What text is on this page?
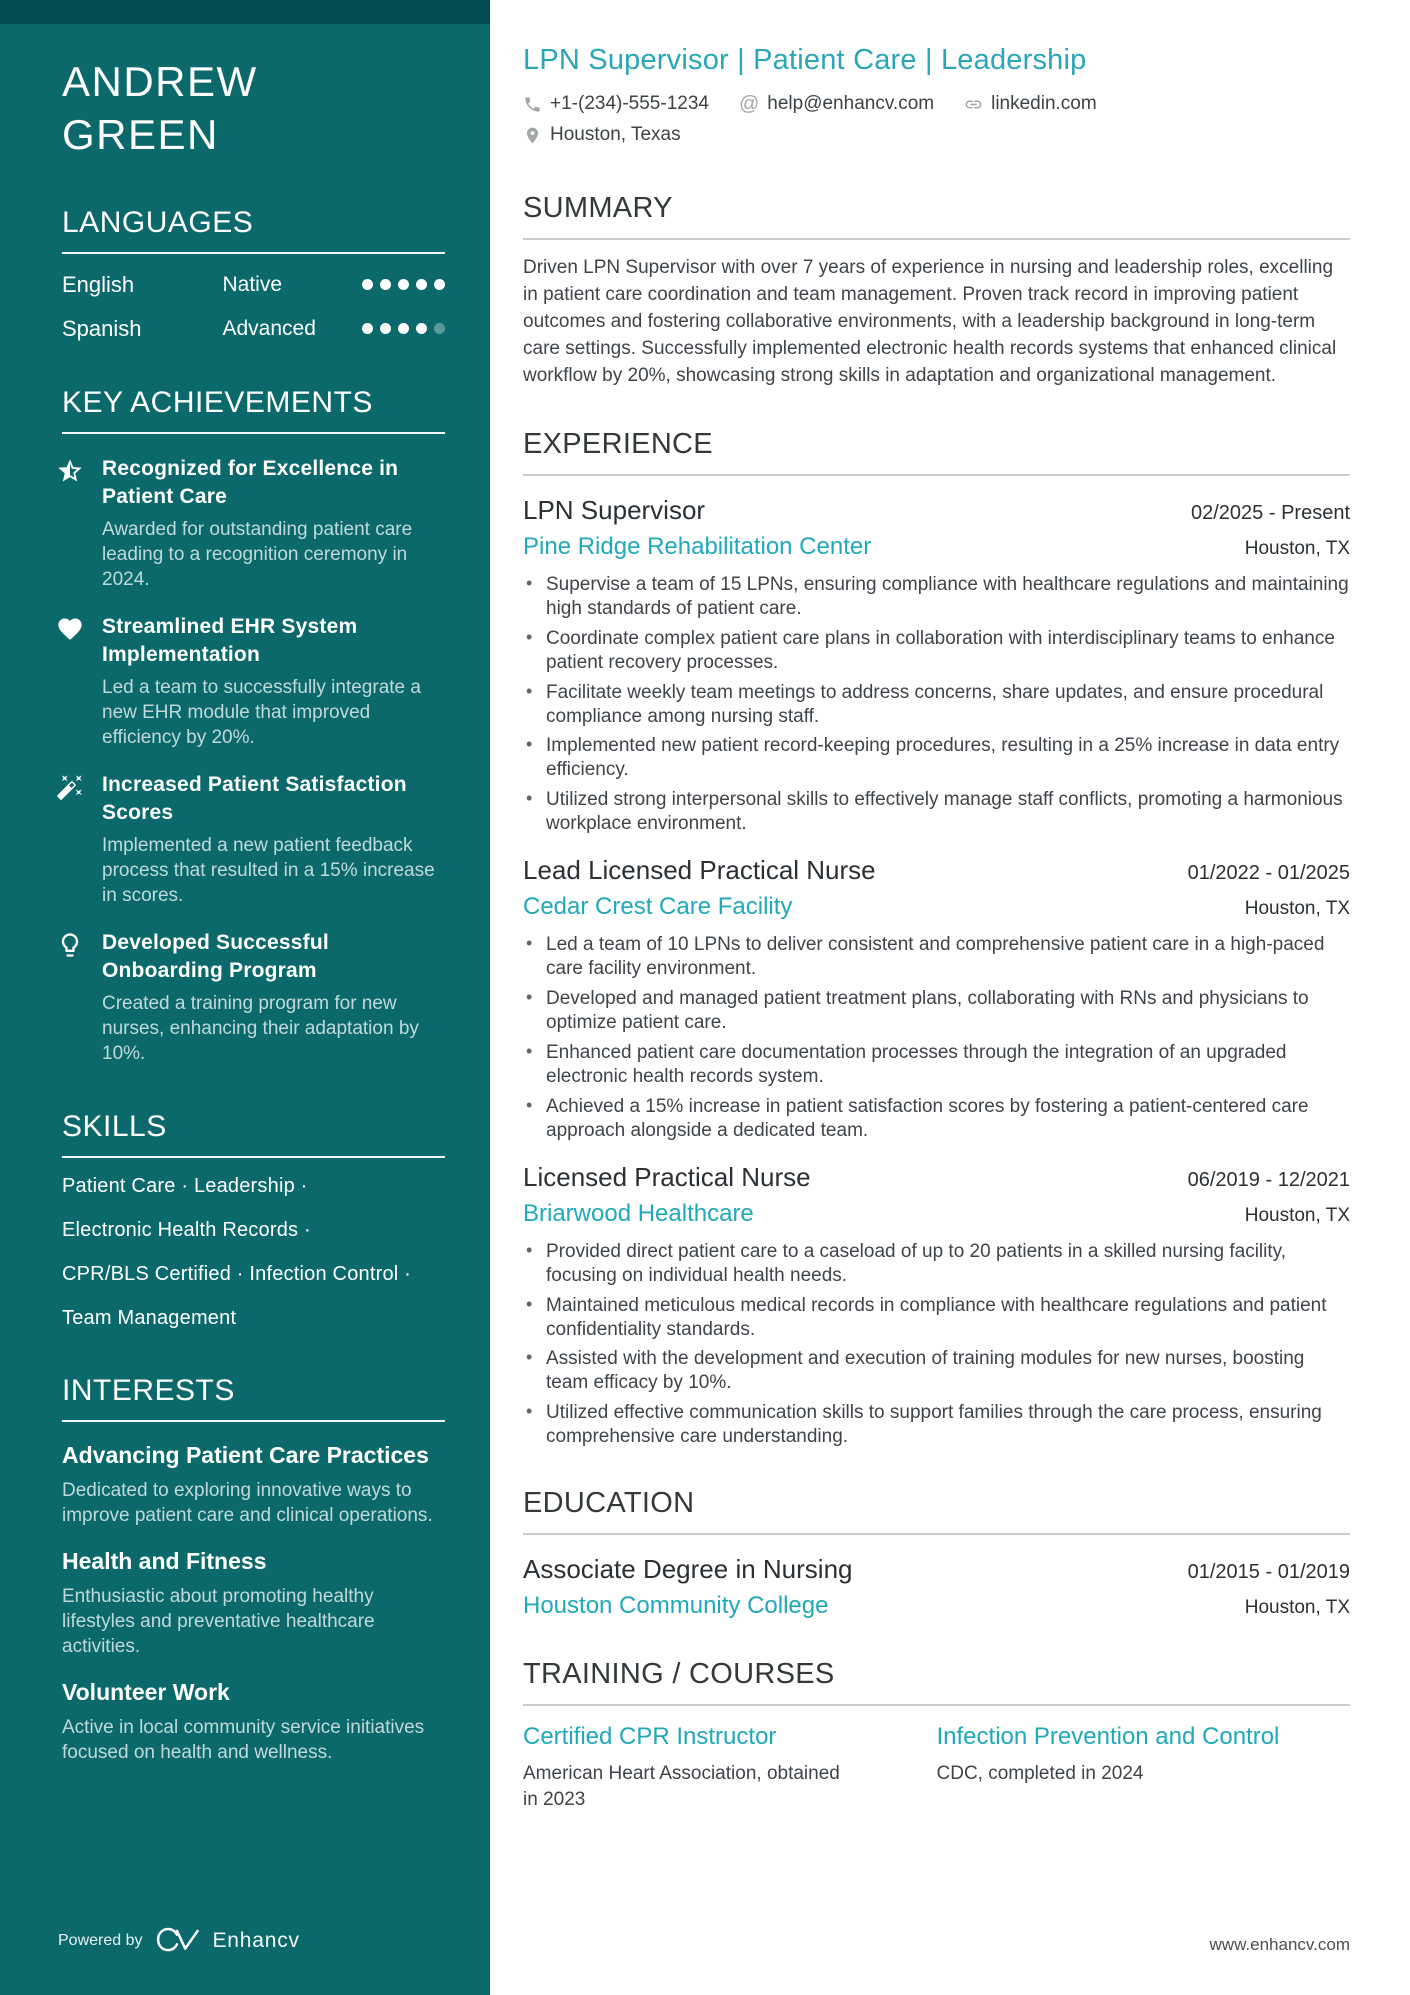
ANDREW GREEN
LANGUAGES
English	Native
Spanish	Advanced
KEY ACHIEVEMENTS
Recognized for Excellence in Patient Care

Awarded for outstanding patient care leading to a recognition ceremony in 2024.

Streamlined EHR System Implementation

Led a team to successfully integrate a new EHR module that improved efficiency by 20%.

Increased Patient Satisfaction Scores

Implemented a new patient feedback process that resulted in a 15% increase in scores.

Developed Successful Onboarding Program

Created a training program for new nurses, enhancing their adaptation by 10%.

SKILLS
Patient Care · Leadership ·
Electronic Health Records ·
CPR/BLS Certified · Infection Control ·
Team Management
INTERESTS
Advancing Patient Care Practices

Dedicated to exploring innovative ways to improve patient care and clinical operations.

Health and Fitness

Enthusiastic about promoting healthy lifestyles and preventative healthcare activities.

Volunteer Work

Active in local community service initiatives focused on health and wellness.

Powered by	Enhancv
LPN Supervisor | Patient Care | Leadership
+1-(234)-555-1234 @ help@enhancv.com	linkedin.com
Houston, Texas
SUMMARY

Driven LPN Supervisor with over 7 years of experience in nursing and leadership roles, excelling in patient care coordination and team management. Proven track record in improving patient outcomes and fostering collaborative environments, with a leadership background in long-term care settings. Successfully implemented electronic health records systems that enhanced clinical workflow by 20%, showcasing strong skills in adaptation and organizational management.

EXPERIENCE
LPN Supervisor	02/2025 - Present
Pine Ridge Rehabilitation Center	Houston, TX
• Supervise a team of 15 LPNs, ensuring compliance with healthcare regulations and maintaining high standards of patient care.
• Coordinate complex patient care plans in collaboration with interdisciplinary teams to enhance patient recovery processes.
• Facilitate weekly team meetings to address concerns, share updates, and ensure procedural compliance among nursing staff.
• Implemented new patient record-keeping procedures, resulting in a 25% increase in data entry efficiency.
• Utilized strong interpersonal skills to effectively manage staff conflicts, promoting a harmonious workplace environment.
Lead Licensed Practical Nurse	01/2022 - 01/2025
Cedar Crest Care Facility	Houston, TX
• Led a team of 10 LPNs to deliver consistent and comprehensive patient care in a high-paced care facility environment.
• Developed and managed patient treatment plans, collaborating with RNs and physicians to optimize patient care.
• Enhanced patient care documentation processes through the integration of an upgraded electronic health records system.
• Achieved a 15% increase in patient satisfaction scores by fostering a patient-centered care approach alongside a dedicated team.
Licensed Practical Nurse	06/2019 - 12/2021
Briarwood Healthcare	Houston, TX
• Provided direct patient care to a caseload of up to 20 patients in a skilled nursing facility, focusing on individual health needs.
• Maintained meticulous medical records in compliance with healthcare regulations and patient confidentiality standards.
• Assisted with the development and execution of training modules for new nurses, boosting team efficacy by 10%.
• Utilized effective communication skills to support families through the care process, ensuring comprehensive care understanding.
EDUCATION
Associate Degree in Nursing	01/2015 - 01/2019
Houston Community College	Houston, TX
TRAINING / COURSES
Certified CPR Instructor

American Heart Association, obtained in 2023

Infection Prevention and Control

CDC, completed in 2024

www.enhancv.com
